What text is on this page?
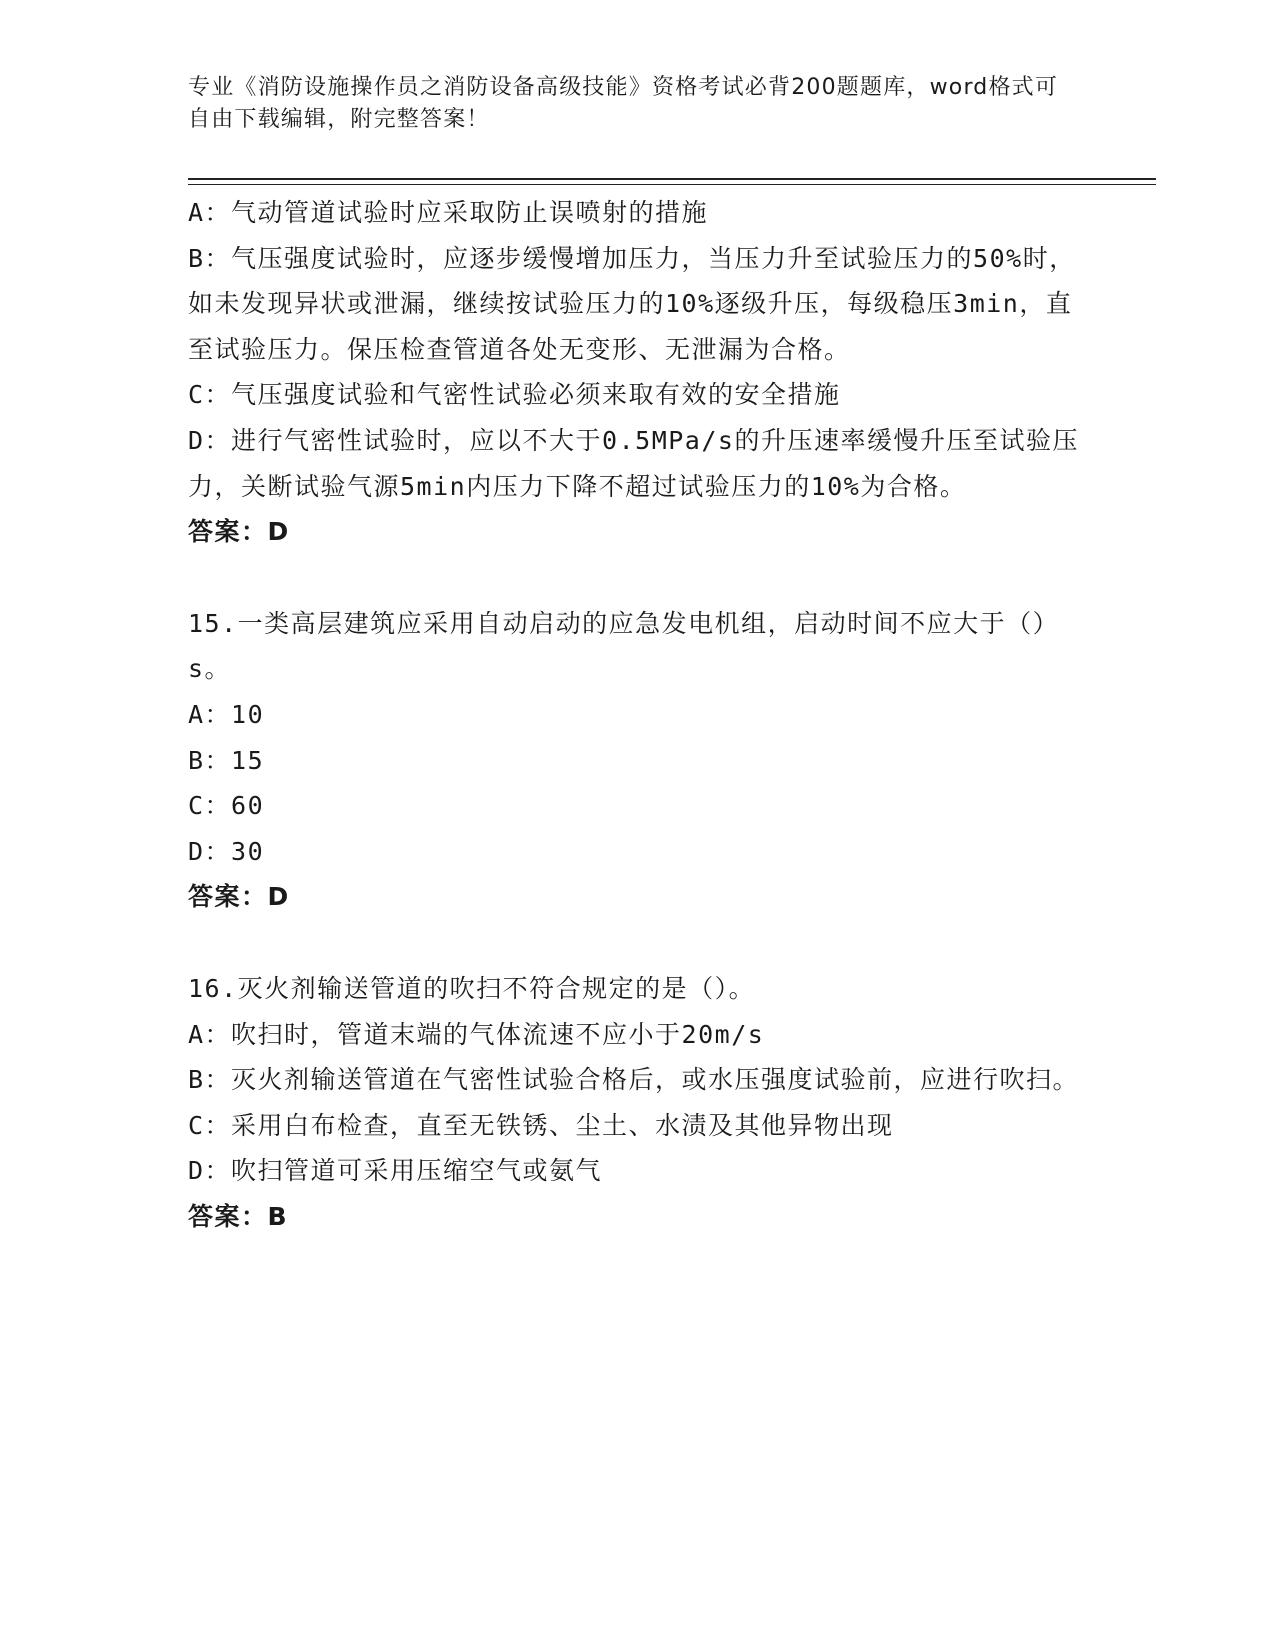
专业《消防设施操作员之消防设备高级技能》资格考试必背200题题库，word格式可自由下载编辑，附完整答案！
A：气动管道试验时应采取防止误喷射的措施
B：气压强度试验时，应逐步缓慢增加压力，当压力升至试验压力的50%时，如未发现异状或泄漏，继续按试验压力的10%逐级升压，每级稳压3min，直至试验压力。保压检查管道各处无变形、无泄漏为合格。
C：气压强度试验和气密性试验必须来取有效的安全措施
D：进行气密性试验时，应以不大于0.5MPa/s的升压速率缓慢升压至试验压力，关断试验气源5min内压力下降不超过试验压力的10%为合格。
答案：D
15.一类高层建筑应采用自动启动的应急发电机组，启动时间不应大于（）s。
A：10
B：15
C：60
D：30
答案：D
16.灭火剂输送管道的吹扫不符合规定的是（）。
A：吹扫时，管道末端的气体流速不应小于20m/s
B：灭火剂输送管道在气密性试验合格后，或水压强度试验前，应进行吹扫。
C：采用白布检查，直至无铁锈、尘土、水渍及其他异物出现
D：吹扫管道可采用压缩空气或氨气
答案：B
